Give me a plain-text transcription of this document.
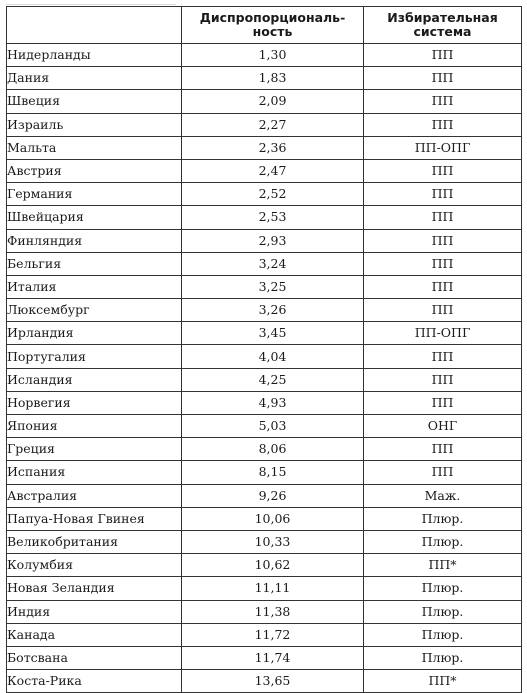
	Диспропорциональ-
ность	Избирательная
система

Нидерланды	1,30	ПП
Дания	1,83	ПП
Швеция	2,09	ПП
Израиль	2,27	ПП
Мальта	2,36	ПП-ОПГ
Австрия	2,47	ПП
Германия	2,52	ПП
Швейцария	2,53	ПП
Финляндия	2,93	ПП
Бельгия	3,24	ПП
Италия	3,25	ПП
Люксембург	3,26	ПП
Ирландия	3,45	ПП-ОПГ
Португалия	4,04	ПП
Исландия	4,25	ПП
Норвегия	4,93	ПП
Япония	5,03	ОНГ
Греция	8,06	ПП
Испания	8,15	ПП
Австралия	9,26	Маж.
Папуа-Новая Гвинея	10,06	Плюр.
Великобритания	10,33	Плюр.
Колумбия	10,62	ПП*
Новая Зеландия	11,11	Плюр.
Индия	11,38	Плюр.
Канада	11,72	Плюр.
Ботсвана	11,74	Плюр.
Коста-Рика	13,65	ПП*
